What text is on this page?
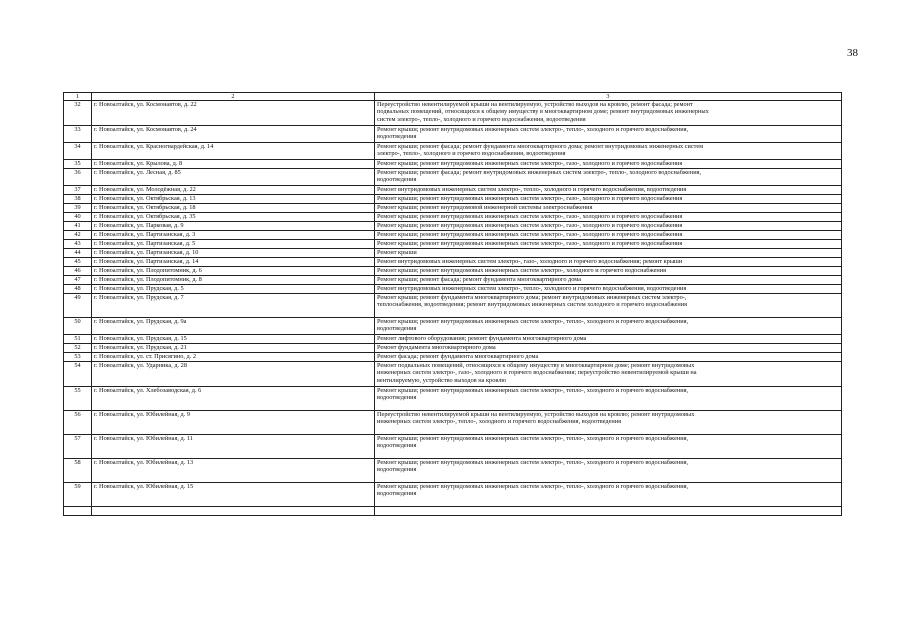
38
1	2	3
32	г. Новоалтайск, ул. Космонавтов, д. 22	Переустройство невентилируемой крыши на вентилируемую, устройство выходов на кровлю, ремонт фасада; ремонт
подвальных помещений, относящихся к общему имуществу в многоквартирном доме; ремонт внутридомовых инженерных
систем электро-, тепло-, холодного и горячего водоснабжения, водоотведения
33	г. Новоалтайск, ул. Космонавтов, д. 24	Ремонт крыши; ремонт внутридомовых инженерных систем электро-, тепло-, холодного и горячего водоснабжения,
водоотведения
34	г. Новоалтайск, ул. Красногвардейская, д. 14	Ремонт крыши; ремонт фасада; ремонт фундамента многоквартирного дома; ремонт внутридомовых инженерных систем
электро-, тепло-, холодного и горячего водоснабжения, водоотведения
35	г. Новоалтайск, ул. Крылова, д. 8	Ремонт крыши; ремонт внутридомовых инженерных систем электро-, газо-, холодного и горячего водоснабжения
36	г. Новоалтайск, ул. Лесная, д. 85	Ремонт крыши; ремонт фасада; ремонт внутридомовых инженерных систем электро-, тепло-, холодного водоснабжения,
водоотведения
37	г. Новоалтайск, ул. Молодёжная, д. 22	Ремонт внутридомовых инженерных систем электро-, тепло-, холодного и горячего водоснабжения, водоотведения
38	г. Новоалтайск, ул. Октябрьская, д. 13	Ремонт крыши; ремонт внутридомовых инженерных систем электро-, газо-, холодного и горячего водоснабжения
39	г. Новоалтайск, ул. Октябрьская, д. 18	Ремонт крыши; ремонт внутридомовой инженерной системы электроснабжения
40	г. Новоалтайск, ул. Октябрьская, д. 35	Ремонт крыши; ремонт внутридомовых инженерных систем электро-, газо-, холодного и горячего водоснабжения
41	г. Новоалтайск, ул. Парковая, д. 9	Ремонт крыши; ремонт внутридомовых инженерных систем электро-, газо-, холодного и горячего водоснабжения
42	г. Новоалтайск, ул. Партизанская, д. 3	Ремонт крыши; ремонт внутридомовых инженерных систем электро-, газо-, холодного и горячего водоснабжения
43	г. Новоалтайск, ул. Партизанская, д. 5	Ремонт крыши; ремонт внутридомовых инженерных систем электро-, газо-, холодного и горячего водоснабжения
44	г. Новоалтайск, ул. Партизанская, д. 10	Ремонт крыши
45	г. Новоалтайск, ул. Партизанская, д. 14	Ремонт внутридомовых инженерных систем электро-, газо-, холодного и горячего водоснабжения; ремонт крыши
46	г. Новоалтайск, ул. Плодопитомник, д. 6	Ремонт крыши; ремонт внутридомовых инженерных систем электро-, холодного и горячего водоснабжения
47	г. Новоалтайск, ул. Плодопитомник, д. 8	Ремонт крыши; ремонт фасада; ремонт фундамента многоквартирного дома
48	г. Новоалтайск, ул. Прудская, д. 5	Ремонт внутридомовых инженерных систем электро-, тепло-, холодного и горячего водоснабжения, водоотведения
49	г. Новоалтайск, ул. Прудская, д. 7	Ремонт крыши; ремонт фундамента многоквартирного дома; ремонт внутридомовых инженерных систем электро-,
теплоснабжения, водоотведения; ремонт внутридомовых инженерных систем холодного и горячего водоснабжения
50	г. Новоалтайск, ул. Прудская, д. 9а	Ремонт крыши; ремонт внутридомовых инженерных систем электро-, тепло-, холодного и горячего водоснабжения,
водоотведения
51	г. Новоалтайск, ул. Прудская, д. 15	Ремонт лифтового оборудования; ремонт фундамента многоквартирного дома
52	г. Новоалтайск, ул. Прудская, д. 21	Ремонт фундамента многоквартирного дома
53	г. Новоалтайск, ул. ст. Присягино, д. 2	Ремонт фасада; ремонт фундамента многоквартирного дома
54	г. Новоалтайск, ул. Ударника, д. 28	Ремонт подвальных помещений, относящихся к общему имуществу в многоквартирном доме; ремонт внутридомовых
инженерных систем электро-, газо-, холодного и горячего водоснабжения; переустройство невентилируемой крыши на
вентилируемую, устройство выходов на кровлю
55	г. Новоалтайск, ул. Хлебозаводская, д. 6	Ремонт крыши; ремонт внутридомовых инженерных систем электро-, тепло-, холодного и горячего водоснабжения,
водоотведения
56	г. Новоалтайск, ул. Юбилейная, д. 9	Переустройство невентилируемой крыши на вентилируемую, устройство выходов на кровлю; ремонт внутридомовых
инженерных систем электро-, тепло-, холодного и горячего водоснабжения, водоотведения
57	г. Новоалтайск, ул. Юбилейная, д. 11	Ремонт крыши; ремонт внутридомовых инженерных систем электро-, тепло-, холодного и горячего водоснабжения,
водоотведения
58	г. Новоалтайск, ул. Юбилейная, д. 13	Ремонт крыши; ремонт внутридомовых инженерных систем электро-, тепло-, холодного и горячего водоснабжения,
водоотведения
59	г. Новоалтайск, ул. Юбилейная, д. 15	Ремонт крыши; ремонт внутридомовых инженерных систем электро-, тепло-, холодного и горячего водоснабжения,
водоотведения
